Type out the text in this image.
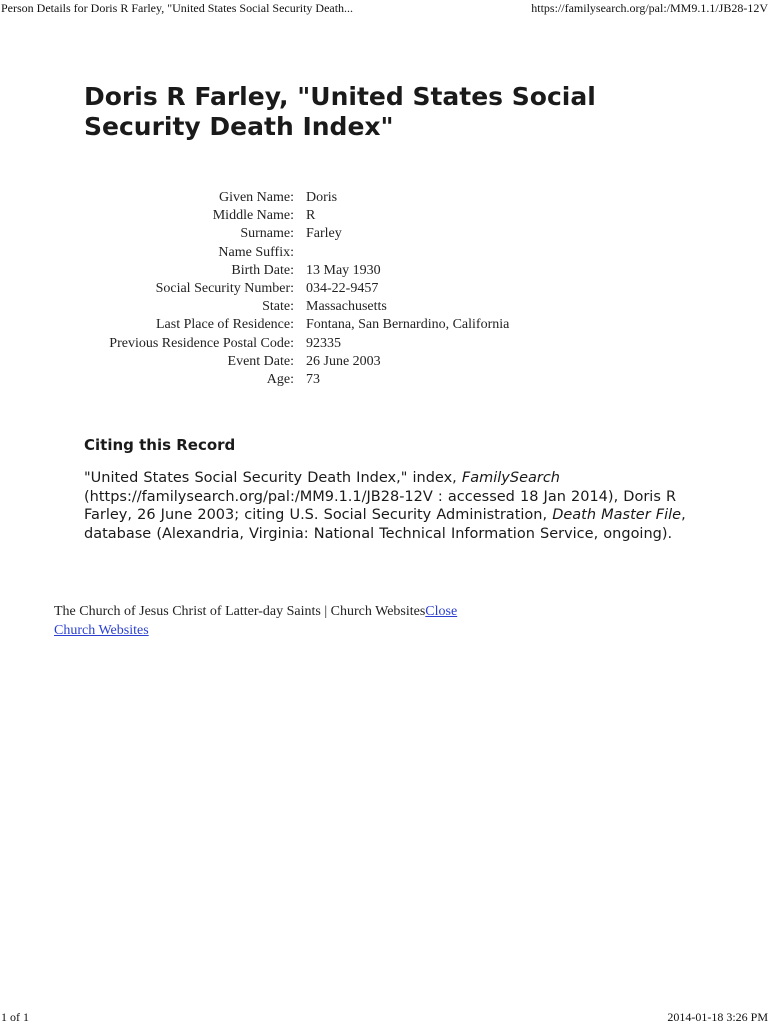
Person Details for Doris R Farley, "United States Social Security Death...	https://familysearch.org/pal:/MM9.1.1/JB28-12V
Doris R Farley, "United States Social Security Death Index"
Given Name: Doris
Middle Name: R
Surname: Farley
Name Suffix:
Birth Date: 13 May 1930
Social Security Number: 034-22-9457
State: Massachusetts
Last Place of Residence: Fontana, San Bernardino, California
Previous Residence Postal Code: 92335
Event Date: 26 June 2003
Age: 73
Citing this Record

"United States Social Security Death Index," index, FamilySearch (https://familysearch.org/pal:/MM9.1.1/JB28-12V : accessed 18 Jan 2014), Doris R Farley, 26 June 2003; citing U.S. Social Security Administration, Death Master File, database (Alexandria, Virginia: National Technical Information Service, ongoing).

The Church of Jesus Christ of Latter-day Saints | Church WebsitesClose
Church Websites
1 of 1	2014-01-18 3:26 PM
